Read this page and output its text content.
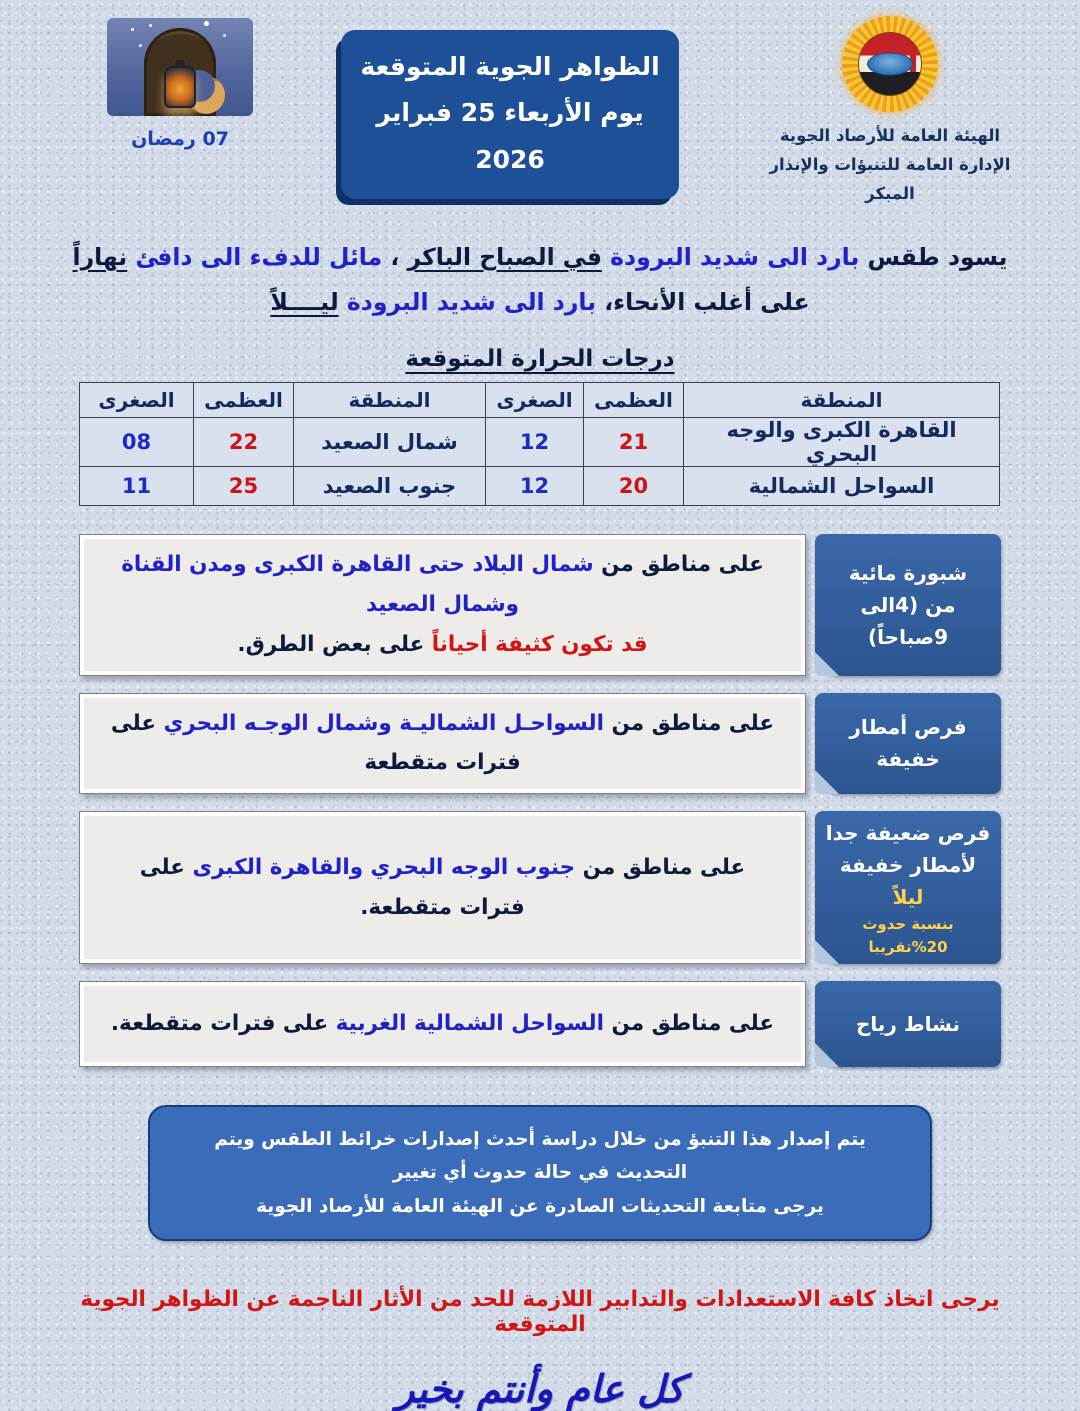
الهيئة العامة للأرصاد الجوية
الإدارة العامة للتنبؤات والإنذار المبكر
الظواهر الجوية المتوقعة
يوم الأربعاء 25 فبراير 2026
07 رمضان
يسود طقس بارد الى شديد البرودة في الصباح الباكر ، مائل للدفء الى دافئ نهاراً
على أغلب الأنحاء، بارد الى شديد البرودة ليــــلاً
درجات الحرارة المتوقعة
المنطقة	العظمى	الصغرى	المنطقة	العظمى	الصغرى
القاهرة الكبرى والوجه البحري	21	12	شمال الصعيد	22	08
السواحل الشمالية	20	12	جنوب الصعيد	25	11
شبورة مائية
من (4الى 9صباحاً)
على مناطق من شمال البلاد حتى القاهرة الكبرى ومدن القناة وشمال الصعيد
قد تكون كثيفة أحياناً على بعض الطرق.
فرص أمطار
خفيفة
على مناطق من السواحـل الشماليـة وشمال الوجـه البحري على فترات متقطعة
فرص ضعيفة جدا
لأمطار خفيفة ليلاً
بنسبة حدوث 20%تقريبا
على مناطق من جنوب الوجه البحري والقاهرة الكبرى على فترات متقطعة.
نشاط رياح
على مناطق من السواحل الشمالية الغربية على فترات متقطعة.
يتم إصدار هذا التنبؤ من خلال دراسة أحدث إصدارات خرائط الطقس ويتم التحديث في حالة حدوث أي تغيير
يرجى متابعة التحديثات الصادرة عن الهيئة العامة للأرصاد الجوية
يرجى اتخاذ كافة الاستعدادات والتدابير اللازمة للحد من الأثار الناجمة عن الظواهر الجوية المتوقعة
كل عام وأنتم بخير
